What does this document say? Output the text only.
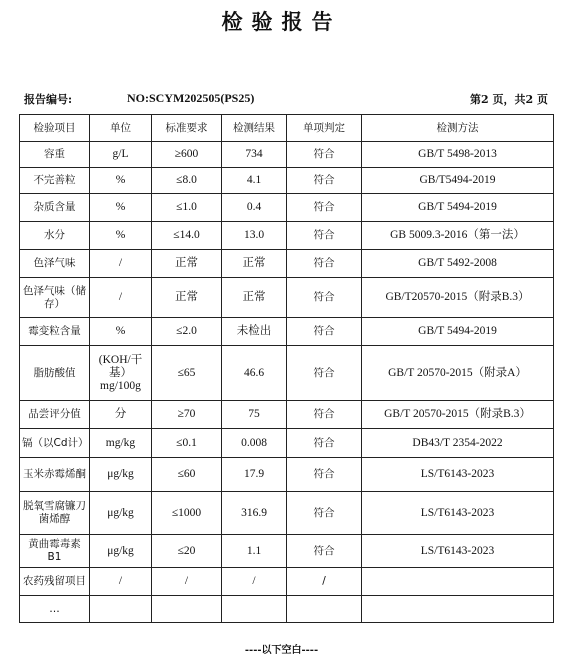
检验报告
报告编号:	NO:SCYM202505(PS25)	第2 页，共2 页
检验项目	单位	标准要求	检测结果	单项判定	检测方法
容重	g/L	≥600	734	符合	GB/T 5498-2013
不完善粒	%	≤8.0	4.1	符合	GB/T5494-2019
杂质含量	%	≤1.0	0.4	符合	GB/T 5494-2019
水分	%	≤14.0	13.0	符合	GB 5009.3-2016（第一法）
色泽气味	/	正常	正常	符合	GB/T 5492-2008
色泽气味（储存）	/	正常	正常	符合	GB/T20570-2015（附录B.3）
霉变粒含量	%	≤2.0	未检出	符合	GB/T 5494-2019
脂肪酸值	(KOH/干基）mg/100g	≤65	46.6	符合	GB/T 20570-2015（附录A）
品尝评分值	分	≥70	75	符合	GB/T 20570-2015（附录B.3）
镉（以Cd计）	mg/kg	≤0.1	0.008	符合	DB43/T 2354-2022
玉米赤霉烯酮	μg/kg	≤60	17.9	符合	LS/T6143-2023
脱氧雪腐镰刀菌烯醇	μg/kg	≤1000	316.9	符合	LS/T6143-2023
黄曲霉毒素B1	μg/kg	≤20	1.1	符合	LS/T6143-2023
农药残留项目	/	/	/	/	
…					
----以下空白----
